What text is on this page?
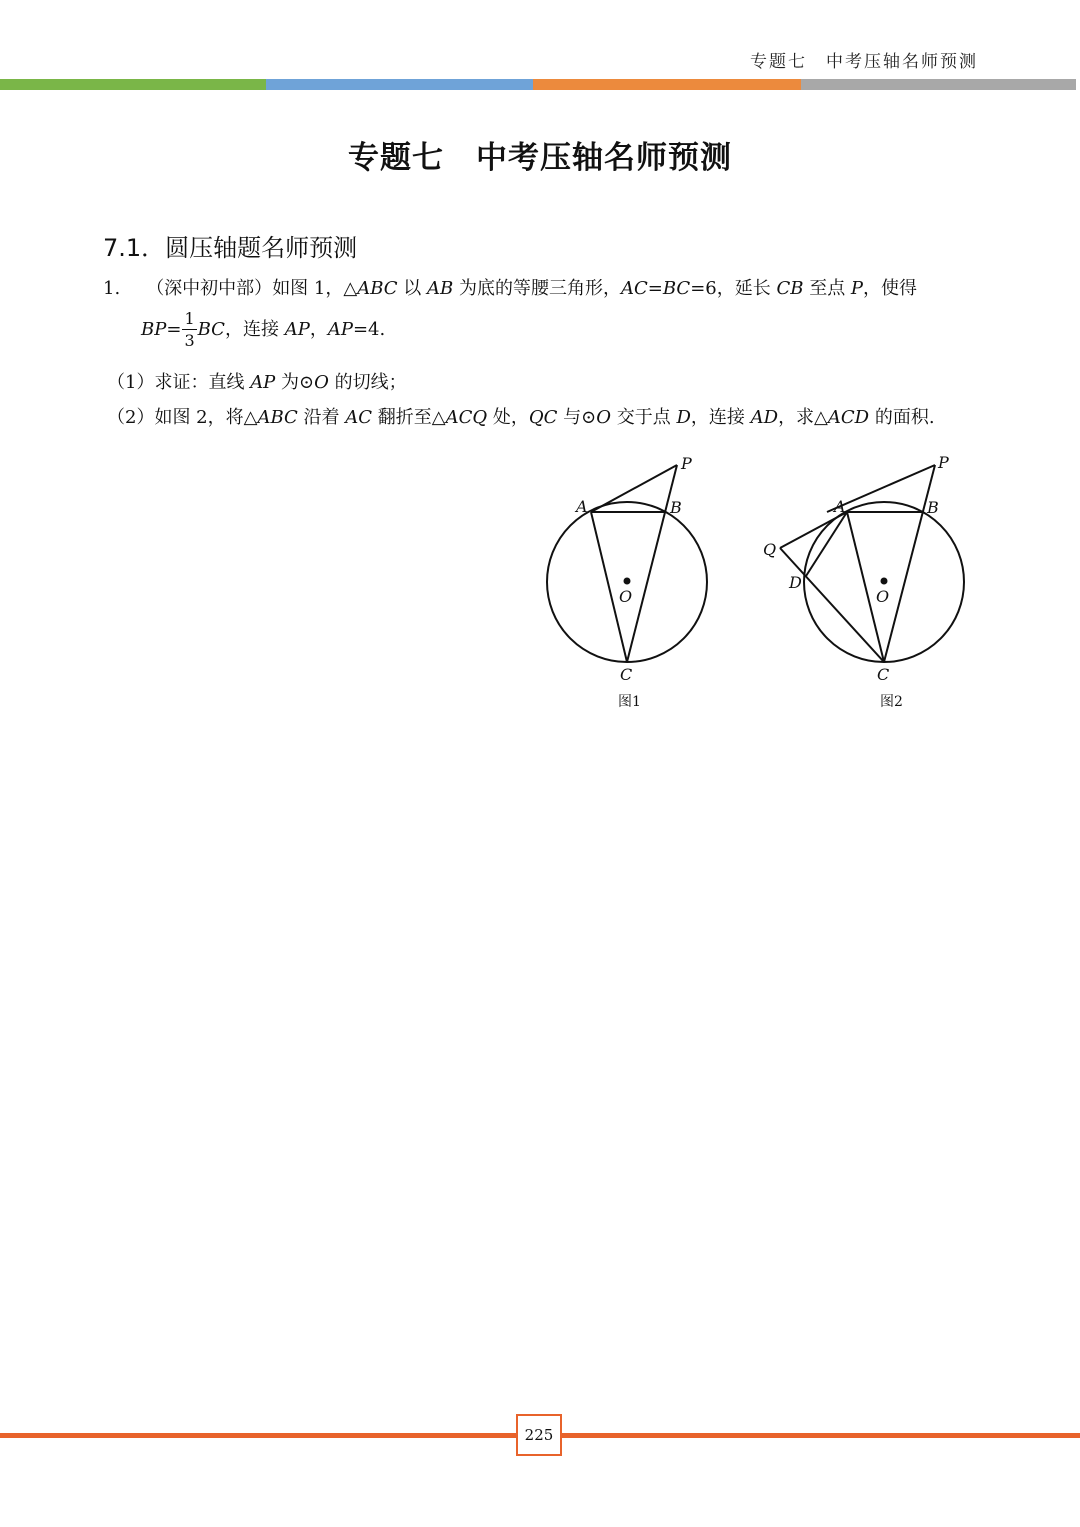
专题七　中考压轴名师预测
专题七　中考压轴名师预测
7.1．圆压轴题名师预测
1. （深中初中部）如图 1，△ABC 以 AB 为底的等腰三角形，AC=BC=6，延长 CB 至点 P，使得
$BP= \frac{1}{3}$ BC，连接 AP，AP=4.
（1）求证：直线 AP 为⊙O 的切线；
（2）如图 2，将△ABC 沿着 AC 翻折至△ACQ 处，QC 与⊙O 交于点 D，连接 AD，求△ACD 的面积.
A	B
C
O
P
图1
A	B
C
O
P
Q
D
图2
225
